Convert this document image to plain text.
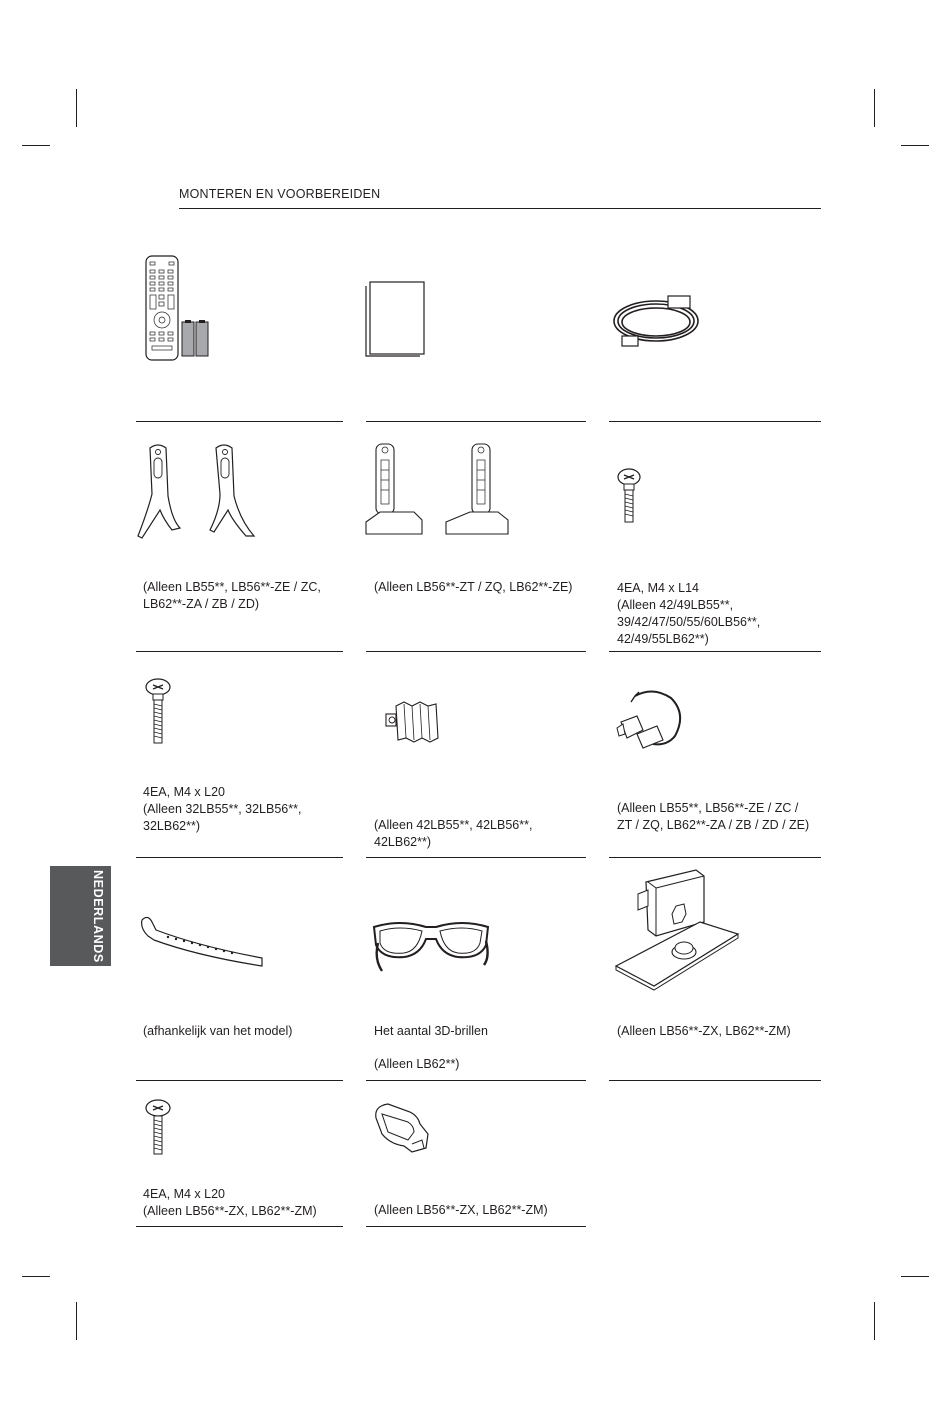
MONTEREN EN VOORBEREIDEN
NEDERLANDS
(Alleen LB55**, LB56**-ZE / ZC,
LB62**-ZA / ZB / ZD)
(Alleen LB56**-ZT / ZQ, LB62**-ZE)	4EA, M4 x L14
(Alleen 42/49LB55**,
39/42/47/50/55/60LB56**,
42/49/55LB62**)
4EA, M4 x L20
(Alleen 32LB55**, 32LB56**,
32LB62**)	(Alleen 42LB55**, 42LB56**,
42LB62**)
(Alleen LB55**, LB56**-ZE / ZC /
ZT / ZQ, LB62**-ZA / ZB / ZD / ZE)
(afhankelijk van het model)	Het aantal 3D-brillen
(Alleen LB62**)
(Alleen LB56**-ZX, LB62**-ZM)
4EA, M4 x L20
(Alleen LB56**-ZX, LB62**-ZM)	(Alleen LB56**-ZX, LB62**-ZM)
